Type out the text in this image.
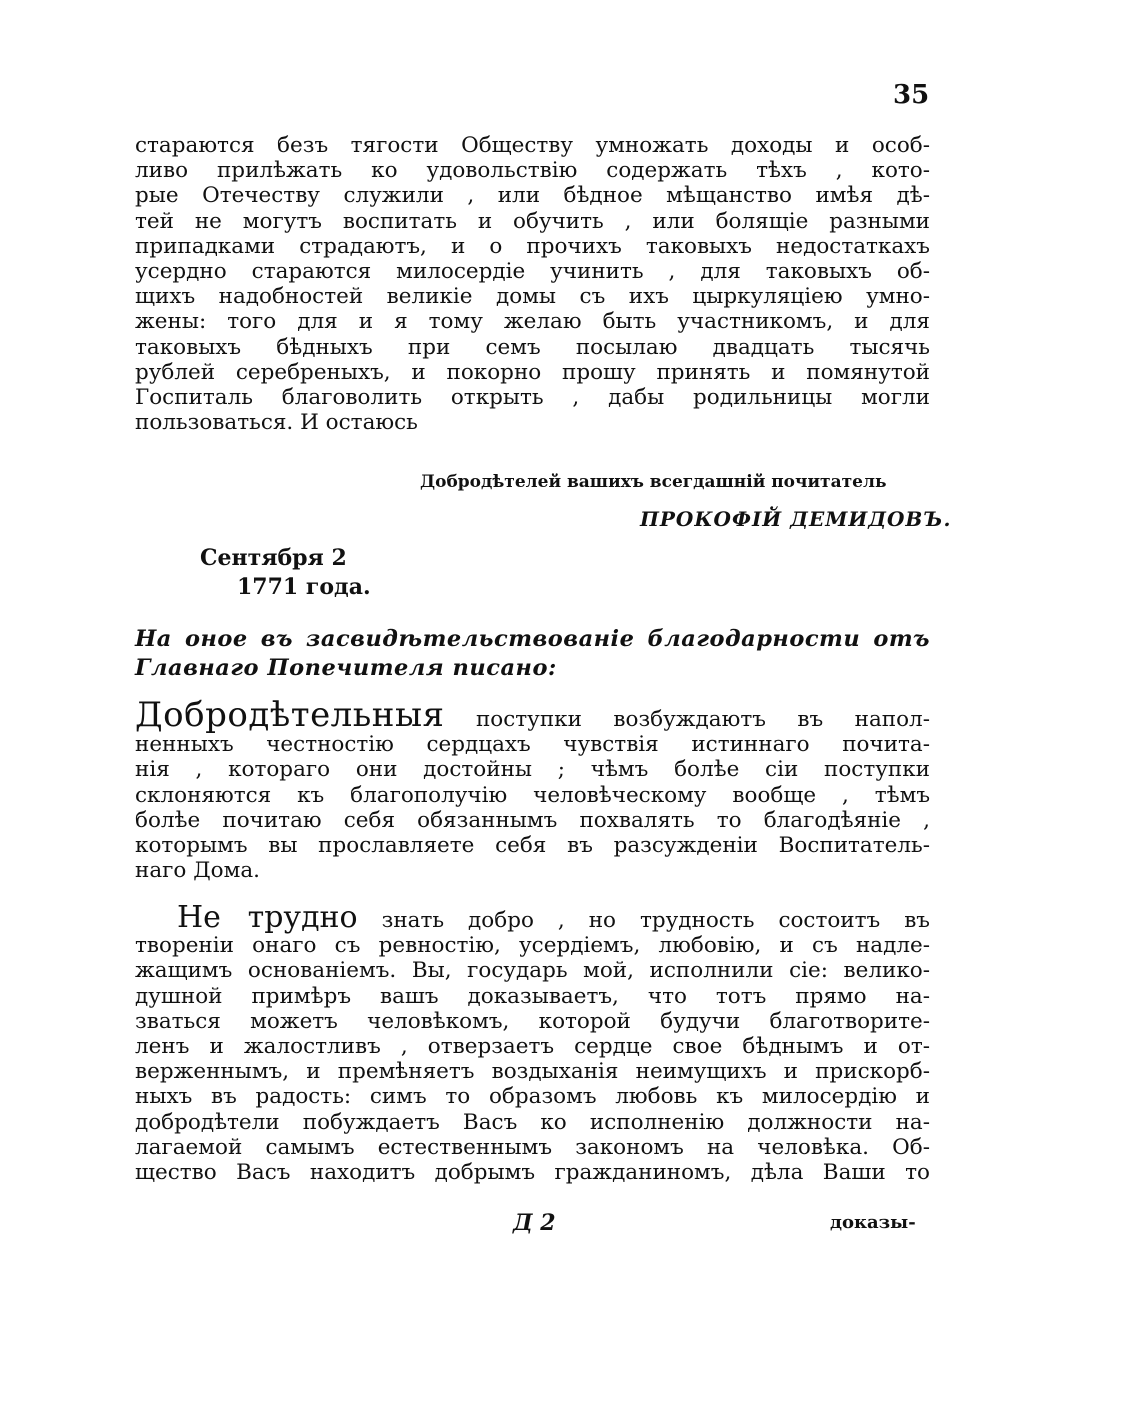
35
стараются безъ тягости Обществу умножать доходы и особ-
ливо прилѣжать ко удовольствію содержать тѣхъ , кото-
рые Отечеству служили , или бѣдное мѣщанство имѣя дѣ-
тей не могутъ воспитать и обучить , или болящіе разными
припадками страдаютъ, и о прочихъ таковыхъ недостаткахъ
усердно стараются милосердіе учинить , для таковыхъ об-
щихъ надобностей великіе домы съ ихъ цыркуляціею умно-
жены: того для и я тому желаю быть участникомъ, и для
таковыхъ бѣдныхъ при семъ посылаю двадцать тысячь
рублей серебреныхъ, и покорно прошу принять и помянутой
Госпиталь благоволить открыть , дабы родильницы могли
пользоваться. И остаюсь
Добродѣтелей вашихъ всегдашній почитатель
ПРОКОФІЙ ДЕМИДОВЪ.
Сентября 2
1771 года.
На оное въ засвидѣтельствованіе благодарности отъ
Главнаго Попечителя писано:
Добродѣтельныя поступки возбуждаютъ въ напол-
ненныхъ честностію сердцахъ чувствія истиннаго почита-
нія , котораго они достойны ; чѣмъ болѣе сіи поступки
склоняются къ благополучію человѣческому вообще , тѣмъ
болѣе почитаю себя обязаннымъ похвалять то благодѣяніе ,
которымъ вы прославляете себя въ разсужденіи Воспитатель-
наго Дома.
Не трудно знать добро , но трудность состоитъ въ
твореніи онаго съ ревностію, усердіемъ, любовію, и съ надле-
жащимъ основаніемъ. Вы, государь мой, исполнили сіе: велико-
душной примѣръ вашъ доказываетъ, что тотъ прямо на-
зваться можетъ человѣкомъ, которой будучи благотворите-
ленъ и жалостливъ , отверзаетъ сердце свое бѣднымъ и от-
верженнымъ, и премѣняетъ воздыханія неимущихъ и прискорб-
ныхъ въ радость: симъ то образомъ любовь къ милосердію и
добродѣтели побуждаетъ Васъ ко исполненію должности на-
лагаемой самымъ естественнымъ закономъ на человѣка. Об-
щество Васъ находитъ добрымъ гражданиномъ, дѣла Ваши то
Д 2	доказы-
